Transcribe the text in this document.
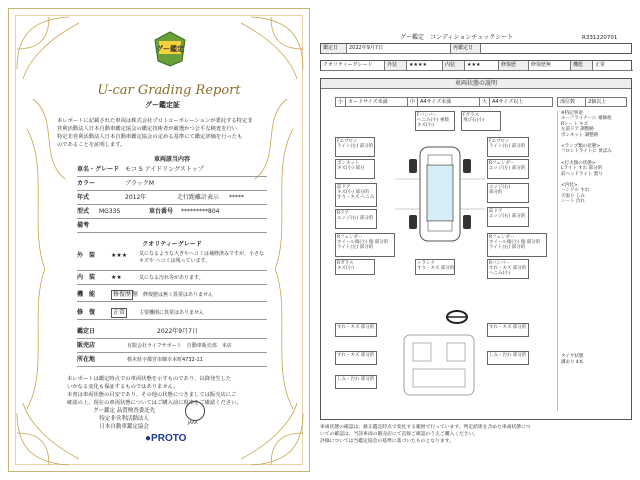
グー鑑定
U-car Grading Report
グー鑑定証
本レポートに記載された車両は株式会社プロトコーポレーションが委託する特定非
営利活動法人日本自動車鑑定協会の鑑定技術者が厳選かつ公平な検査を行い
特定非営利活動法人日本自動車鑑定協会の定める基準にて鑑定評価を行ったも
のであることを証明します。
車両該当内容
車名・グレード モコ S アイドリングストップ
カラー	ブラックM
年式	2012年	走行距離計表示 *****
型式 MG33S	車台番号 *********804
備考
クオリティーグレード
外　装	★★★ 気になるような大ぎやヘコミは補修済みですが、小さなキズや ヘコミは残っています。
内　装	★★	気になる汚れ等があります。
機　能	修復歴 無 修復歴は無く異常はありません
修　復	正常	主要機関に異常はありません
鑑定日	2022年9月7日
販売店	有限会社ライフサポート　自動車販売部　本店
所在地	栃木県宇都宮市御幸本町4732-11
本レポートは鑑定時点での車両状態を示すものであり、以降発生した
いかなる変化も保証するものではありません。
本書は車両状態の目安であり、その他の状態につきましては販売店にご
確認の上、現在の車両状態についてはご購入前に現車をご確認ください。
グー鑑定 品質検査委託先
特定非営利活動法人
日本自動車鑑定協会
JAAA
●PROTO
グー鑑定　コンディションチェックシート	R331220701
鑑定日	2022年9月7日	再鑑定日
クオリティーグレード	外装	★★★★	内装	★★★	修復歴	修復歴無	機能	正常
車両状態の説明
小 カードサイズ未満	中 A4サイズ未満	大 A4サイズ以上	部位数	2個以上
Fバンパー
へこみ(小) 複数
キズ(小)
Fガラス
飛び石(小)
Fエプロン
ライト(左) 部分的
Fエプロン
ライト(右) 部分的
ボンネット
キズ(小) 部分
Rフェンダー
エッジ(左) 部分的
エッジ(右)
部分的
前ドア
キズ(小) 部分的
すり・キズ へこみ
前ドア
エッジ(右) 部分的
Rドア
エッジ(右) 部分的
Rフェンダー
ホイール傷(小) 傷 部分的
ライト(左) 部分的
Rフェンダー
ホイール傷(小) 傷 部分的
ライト(右) 部分的
トランク
すり・キズ 部分的
Rガラス
キズ(小)
Rバンパー
すれ・キズ 部分的
へこみ(小)
すれ・キズ 部分的	すれ・キズ 部分的
すれ・キズ 部分的	しみ・汚れ 部分的
しみ・汚れ 部分的
※特記事項
ルーフライナーに 補修痕
Rシート キズ
左前ドア 調整跡
ボンネット 調整跡
<ランプ類の状態>
フロントライトに 黄ばみ
<灯火類の状態>
Lライト すれ 部分的
前ヘッドライト 曇り
<内装>
ハンドル すれ
天張り しみ
シート 汚れ
タイヤ状態
溝あり 4本
車両状態の確認は、修正鑑定時点で変化する範囲で行っています。判定結果を含めた車両状態につ
いての確認は、当該車両の販売店にて直接ご確認のうえご購入ください。
評価については当鑑定協会の基準に基づいたものとなります。
